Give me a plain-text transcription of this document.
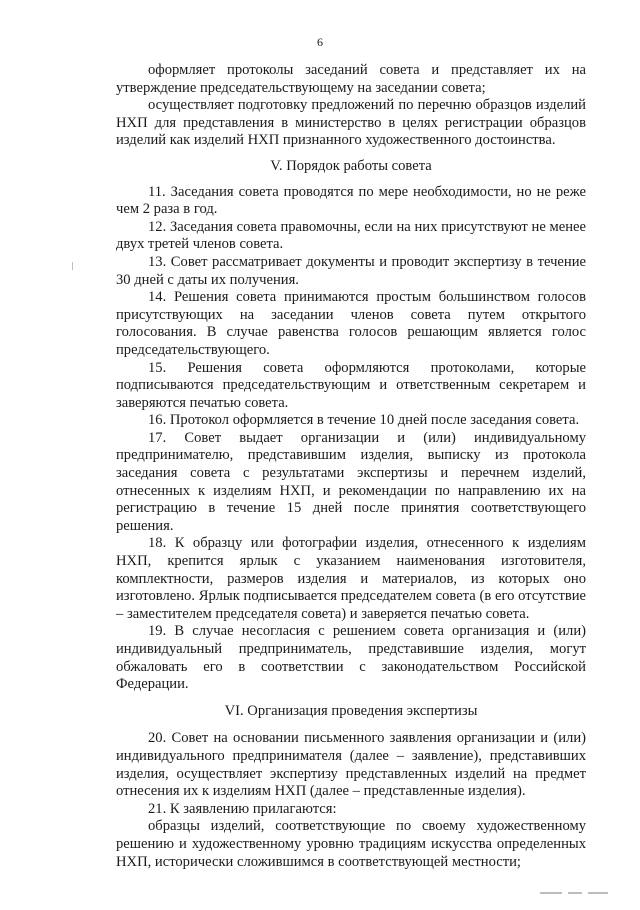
6

оформляет протоколы заседаний совета и представляет их на утверждение председательствующему на заседании совета;

осуществляет подготовку предложений по перечню образцов изделий НХП для представления в министерство в целях регистрации образцов изделий как изделий НХП признанного художественного достоинства.

V. Порядок работы совета

11. Заседания совета проводятся по мере необходимости, но не реже чем 2 раза в год.

12. Заседания совета правомочны, если на них присутствуют не менее двух третей членов совета.

13. Совет рассматривает документы и проводит экспертизу в течение 30 дней с даты их получения.

14. Решения совета принимаются простым большинством голосов присутствующих на заседании членов совета путем открытого голосования. В случае равенства голосов решающим является голос председательствующего.

15. Решения совета оформляются протоколами, которые подписываются председательствующим и ответственным секретарем и заверяются печатью совета.

16. Протокол оформляется в течение 10 дней после заседания совета.

17. Совет выдает организации и (или) индивидуальному предпринимателю, представившим изделия, выписку из протокола заседания совета с результатами экспертизы и перечнем изделий, отнесенных к изделиям НХП, и рекомендации по направлению их на регистрацию в течение 15 дней после принятия соответствующего решения.

18. К образцу или фотографии изделия, отнесенного к изделиям НХП, крепится ярлык с указанием наименования изготовителя, комплектности, размеров изделия и материалов, из которых оно изготовлено. Ярлык подписывается председателем совета (в его отсутствие – заместителем председателя совета) и заверяется печатью совета.

19. В случае несогласия с решением совета организация и (или) индивидуальный предприниматель, представившие изделия, могут обжаловать его в соответствии с законодательством Российской Федерации.

VI. Организация проведения экспертизы

20. Совет на основании письменного заявления организации и (или) индивидуального предпринимателя (далее – заявление), представивших изделия, осуществляет экспертизу представленных изделий на предмет отнесения их к изделиям НХП (далее – представленные изделия).

21. К заявлению прилагаются:

образцы изделий, соответствующие по своему художественному решению и художественному уровню традициям искусства определенных НХП, исторически сложившимся в соответствующей местности;
